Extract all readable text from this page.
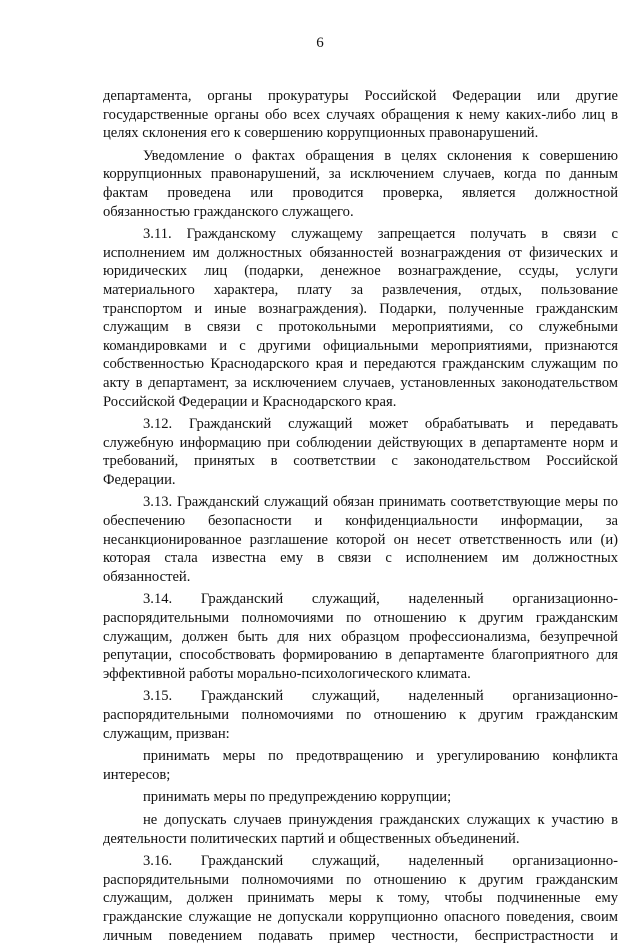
6
департамента, органы прокуратуры Российской Федерации или другие
государственные органы обо всех случаях обращения к нему каких-либо лиц в
целях склонения его к совершению коррупционных правонарушений.
Уведомление о фактах обращения в целях склонения к совершению
коррупционных правонарушений, за исключением случаев, когда по данным
фактам проведена или проводится проверка, является должностной
обязанностью гражданского служащего.
3.11. Гражданскому служащему запрещается получать в связи с
исполнением им должностных обязанностей вознаграждения от физических и
юридических лиц (подарки, денежное вознаграждение, ссуды, услуги
материального характера, плату за развлечения, отдых, пользование
транспортом и иные вознаграждения). Подарки, полученные гражданским
служащим в связи с протокольными мероприятиями, со служебными
командировками и с другими официальными мероприятиями, признаются
собственностью Краснодарского края и передаются гражданским служащим по
акту в департамент, за исключением случаев, установленных законодательством
Российской Федерации и Краснодарского края.
3.12. Гражданский служащий может обрабатывать и передавать
служебную информацию при соблюдении действующих в департаменте норм и
требований, принятых в соответствии с законодательством Российской
Федерации.
3.13. Гражданский служащий обязан принимать соответствующие меры по
обеспечению безопасности и конфиденциальности информации, за
несанкционированное разглашение которой он несет ответственность или (и)
которая стала известна ему в связи с исполнением им должностных
обязанностей.
3.14. Гражданский служащий, наделенный организационно-
распорядительными полномочиями по отношению к другим гражданским
служащим, должен быть для них образцом профессионализма, безупречной
репутации, способствовать формированию в департаменте благоприятного для
эффективной работы морально-психологического климата.
3.15. Гражданский служащий, наделенный организационно-
распорядительными полномочиями по отношению к другим гражданским
служащим, призван:
принимать меры по предотвращению и урегулированию конфликта
интересов;
принимать меры по предупреждению коррупции;
не допускать случаев принуждения гражданских служащих к участию в
деятельности политических партий и общественных объединений.
3.16. Гражданский служащий, наделенный организационно-
распорядительными полномочиями по отношению к другим гражданским
служащим, должен принимать меры к тому, чтобы подчиненные ему
гражданские служащие не допускали коррупционно опасного поведения, своим
личным поведением подавать пример честности, беспристрастности и
